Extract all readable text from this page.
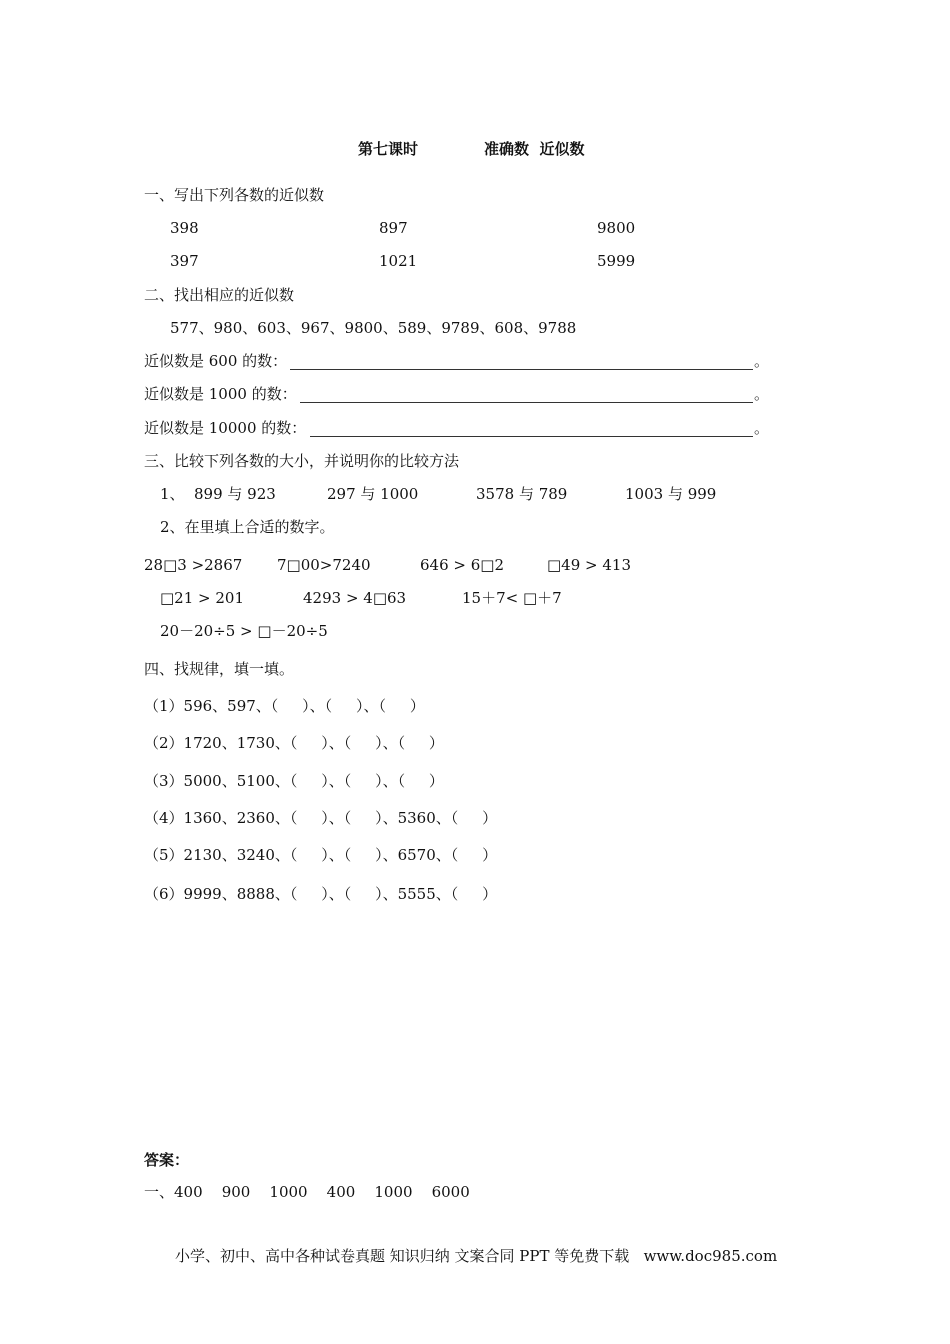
第七课时	准确数  近似数
一、写出下列各数的近似数
398	897	9800
397	1021	5999
二、找出相应的近似数
577、980、603、967、9800、589、9789、608、9788
近似数是 600 的数：	。
近似数是 1000 的数：	。
近似数是 10000 的数：	。
三、比较下列各数的大小，并说明你的比较方法
1、 899 与 923	297 与 1000	3578 与 789	1003 与 999
2、在里填上合适的数字。
28□3 >2867 7□00>7240	646 > 6□2	□49 > 413
□21 > 201	4293 > 4□63	15＋7< □＋7
20－20÷5 > □－20÷5
四、找规律，填一填。
（1）596、597、（     ）、（     ）、（     ）
（2）1720、1730、（     ）、（     ）、（     ）
（3）5000、5100、（     ）、（     ）、（     ）
（4）1360、2360、（     ）、（     ）、5360、（     ）
（5）2130、3240、（     ）、（     ）、6570、（     ）
（6）9999、8888、（     ）、（     ）、5555、（     ）
答案：
一、400    900    1000    400    1000    6000
小学、初中、高中各种试卷真题 知识归纳 文案合同 PPT 等免费下载   www.doc985.com
